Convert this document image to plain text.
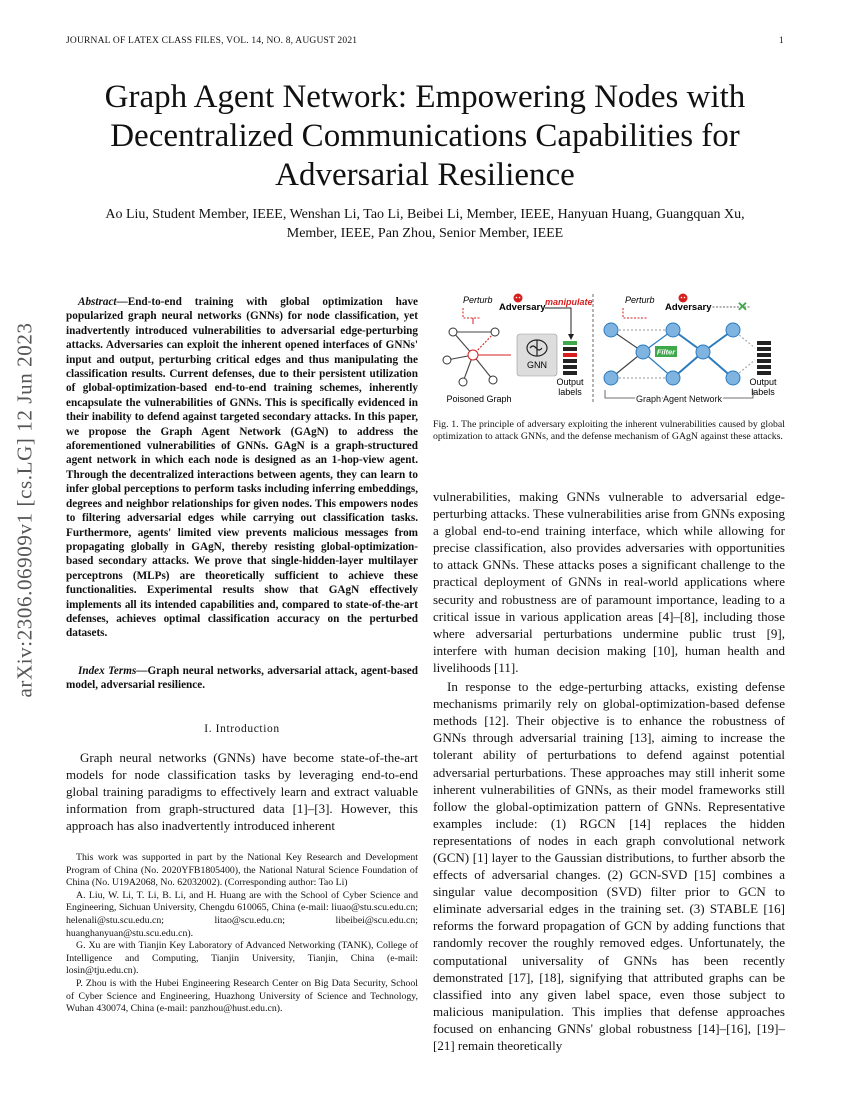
JOURNAL OF LATEX CLASS FILES, VOL. 14, NO. 8, AUGUST 2021	1
Graph Agent Network: Empowering Nodes with Decentralized Communications Capabilities for Adversarial Resilience
Ao Liu, Student Member, IEEE, Wenshan Li, Tao Li, Beibei Li, Member, IEEE, Hanyuan Huang, Guangquan Xu, Member, IEEE, Pan Zhou, Senior Member, IEEE
arXiv:2306.06909v1 [cs.LG] 12 Jun 2023
Abstract—End-to-end training with global optimization have popularized graph neural networks (GNNs) for node classification, yet inadvertently introduced vulnerabilities to adversarial edge-perturbing attacks. Adversaries can exploit the inherent opened interfaces of GNNs' input and output, perturbing critical edges and thus manipulating the classification results. Current defenses, due to their persistent utilization of global-optimization-based end-to-end training schemes, inherently encapsulate the vulnerabilities of GNNs. This is specifically evidenced in their inability to defend against targeted secondary attacks. In this paper, we propose the Graph Agent Network (GAgN) to address the aforementioned vulnerabilities of GNNs. GAgN is a graph-structured agent network in which each node is designed as an 1-hop-view agent. Through the decentralized interactions between agents, they can learn to infer global perceptions to perform tasks including inferring embeddings, degrees and neighbor relationships for given nodes. This empowers nodes to filtering adversarial edges while carrying out classification tasks. Furthermore, agents' limited view prevents malicious messages from propagating globally in GAgN, thereby resisting global-optimization-based secondary attacks. We prove that single-hidden-layer multilayer perceptrons (MLPs) are theoretically sufficient to achieve these functionalities. Experimental results show that GAgN effectively implements all its intended capabilities and, compared to state-of-the-art defenses, achieves optimal classification accuracy on the perturbed datasets.
Index Terms—Graph neural networks, adversarial attack, agent-based model, adversarial resilience.
I. Introduction
Graph neural networks (GNNs) have become state-of-the-art models for node classification tasks by leveraging end-to-end global training paradigms to effectively learn and extract valuable information from graph-structured data [1]–[3]. However, this approach has also inadvertently introduced inherent

This work was supported in part by the National Key Research and Development Program of China (No. 2020YFB1805400), the National Natural Science Foundation of China (No. U19A2068, No. 62032002). (Corresponding author: Tao Li)

A. Liu, W. Li, T. Li, B. Li, and H. Huang are with the School of Cyber Science and Engineering, Sichuan University, Chengdu 610065, China (e-mail: liuao@stu.scu.edu.cn; helenali@stu.scu.edu.cn; litao@scu.edu.cn; libeibei@scu.edu.cn; huanghanyuan@stu.scu.edu.cn).

G. Xu are with Tianjin Key Laboratory of Advanced Networking (TANK), College of Intelligence and Computing, Tianjin University, Tianjin, China (e-mail: losin@tju.edu.cn).

P. Zhou is with the Hubei Engineering Research Center on Big Data Security, School of Cyber Science and Engineering, Huazhong University of Science and Technology, Wuhan 430074, China (e-mail: panzhou@hust.edu.cn).

Perturb
Adversary manipulate
GNN
Output
labels
Poisoned Graph
Perturb
Adversary ✕
Filter
Output
labels
Graph Agent Network
Fig. 1. The principle of adversary exploiting the inherent vulnerabilities caused by global optimization to attack GNNs, and the defense mechanism of GAgN against these attacks.

vulnerabilities, making GNNs vulnerable to adversarial edge-perturbing attacks. These vulnerabilities arise from GNNs exposing a global end-to-end training interface, which while allowing for precise classification, also provides adversaries with opportunities to attack GNNs. These attacks poses a significant challenge to the practical deployment of GNNs in real-world applications where security and robustness are of paramount importance, leading to a critical issue in various application areas [4]–[8], including those where adversarial perturbations undermine public trust [9], interfere with human decision making [10], human health and livelihoods [11].

In response to the edge-perturbing attacks, existing defense mechanisms primarily rely on global-optimization-based defense methods [12]. Their objective is to enhance the robustness of GNNs through adversarial training [13], aiming to increase the tolerant ability of perturbations to defend against potential adversarial perturbations. These approaches may still inherit some inherent vulnerabilities of GNNs, as their model frameworks still follow the global-optimization pattern of GNNs. Representative examples include: (1) RGCN [14] replaces the hidden representations of nodes in each graph convolutional network (GCN) [1] layer to the Gaussian distributions, to further absorb the effects of adversarial changes. (2) GCN-SVD [15] combines a singular value decomposition (SVD) filter prior to GCN to eliminate adversarial edges in the training set. (3) STABLE [16] reforms the forward propagation of GCN by adding functions that randomly recover the roughly removed edges. Unfortunately, the computational universality of GNNs has been recently demonstrated [17], [18], signifying that attributed graphs can be classified into any given label space, even those subject to malicious manipulation. This implies that defense approaches focused on enhancing GNNs' global robustness [14]–[16], [19]–[21] remain theoretically
